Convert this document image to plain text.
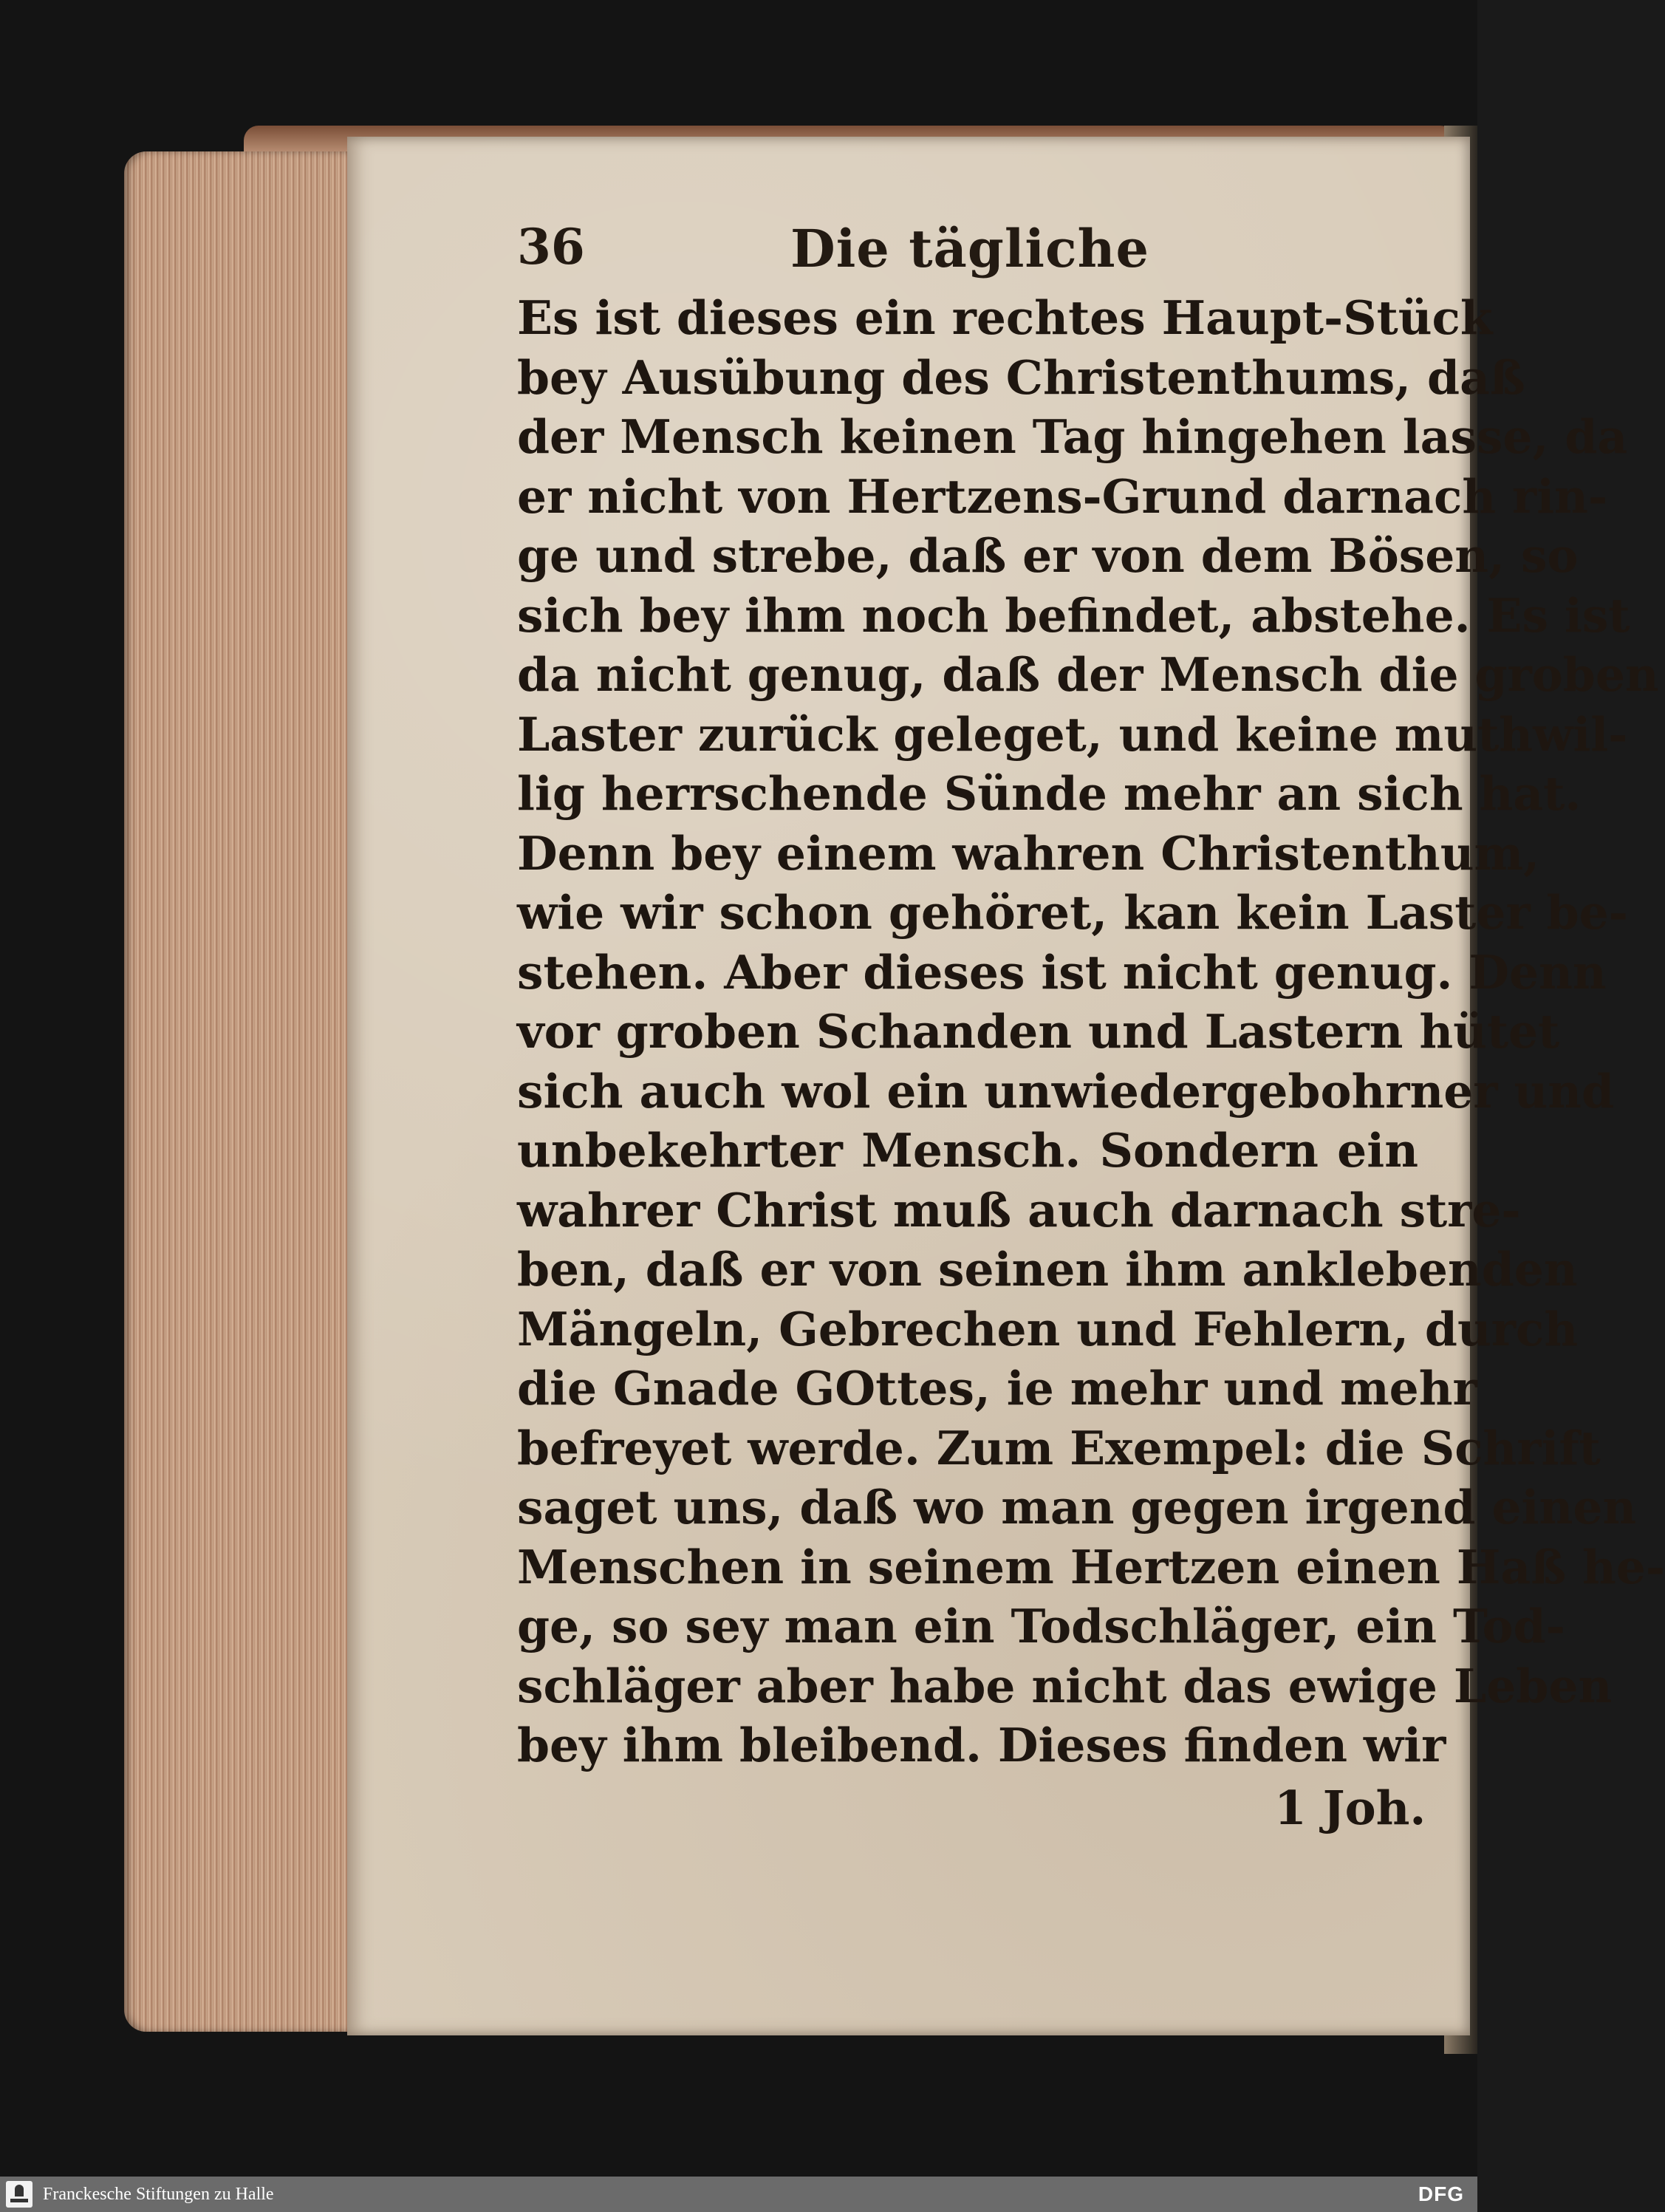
36	Die tägliche
Es ist dieses ein rechtes Haupt-Stück
bey Ausübung des Christenthums, daß
der Mensch keinen Tag hingehen lasse, da
er nicht von Hertzens-Grund darnach rin-
ge und strebe, daß er von dem Bösen, so
sich bey ihm noch befindet, abstehe. Es ist
da nicht genug, daß der Mensch die groben
Laster zurück geleget, und keine muthwil-
lig herrschende Sünde mehr an sich hat.
Denn bey einem wahren Christenthum,
wie wir schon gehöret, kan kein Laster be-
stehen. Aber dieses ist nicht genug. Denn
vor groben Schanden und Lastern hütet
sich auch wol ein unwiedergebohrner und
unbekehrter Mensch. Sondern ein
wahrer Christ muß auch darnach stre-
ben, daß er von seinen ihm anklebenden
Mängeln, Gebrechen und Fehlern, durch
die Gnade GOttes, ie mehr und mehr
befreyet werde. Zum Exempel: die Schrift
saget uns, daß wo man gegen irgend einen
Menschen in seinem Hertzen einen Haß he-
ge, so sey man ein Todschläger, ein Tod-
schläger aber habe nicht das ewige Leben
bey ihm bleibend. Dieses finden wir
1 Joh.
Franckesche Stiftungen zu Halle	DFG
